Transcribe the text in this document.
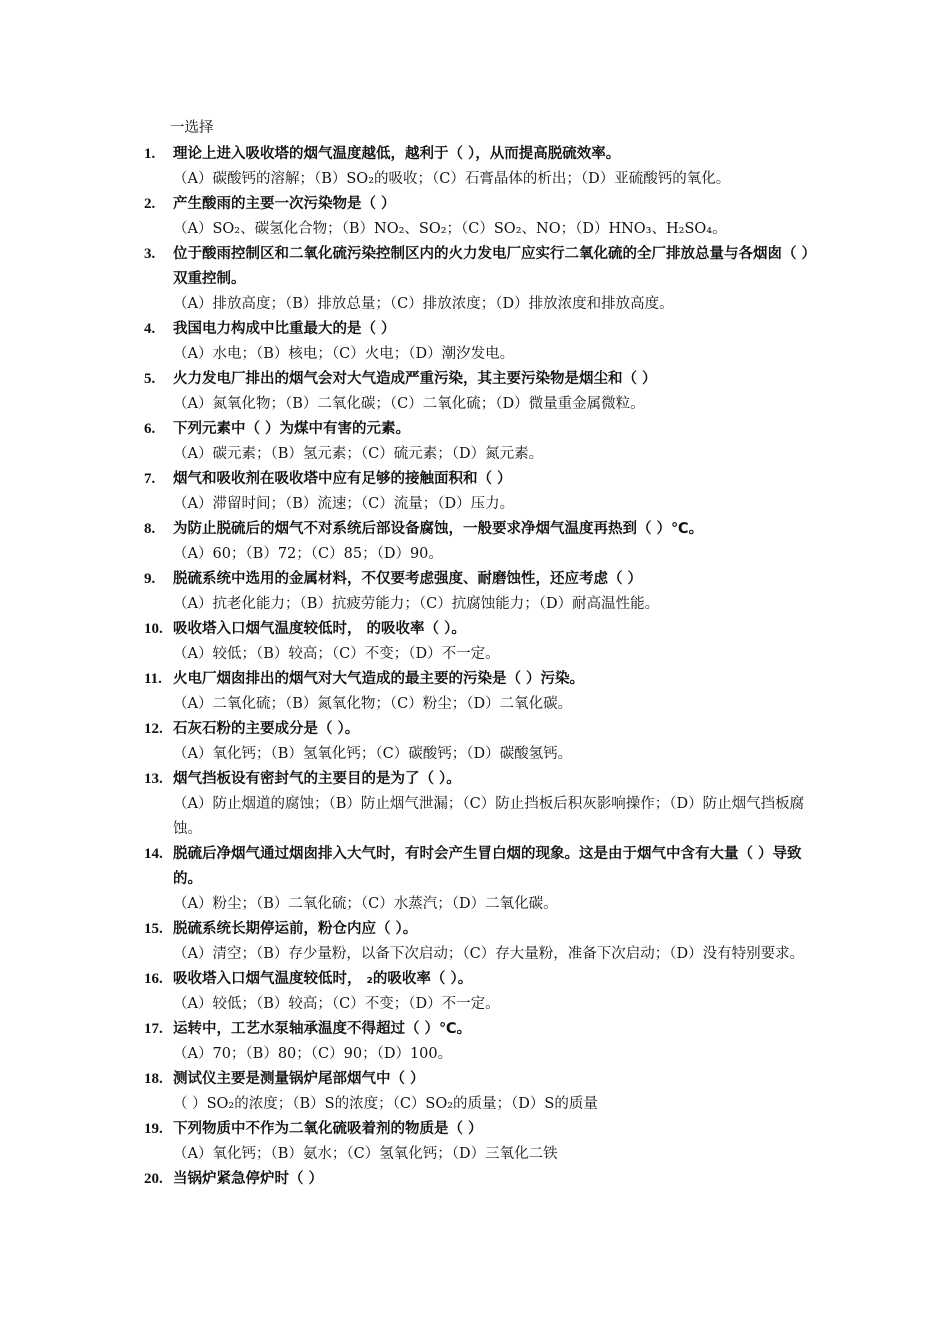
一选择
1. 理论上进入吸收塔的烟气温度越低，越利于（ ），从而提高脱硫效率。
（A）碳酸钙的溶解；（B）SO₂的吸收；（C）石膏晶体的析出；（D）亚硫酸钙的氧化。
2. 产生酸雨的主要一次污染物是（ ）
（A）SO₂、碳氢化合物；（B）NO₂、SO₂；（C）SO₂、NO；（D）HNO₃、H₂SO₄。
3. 位于酸雨控制区和二氧化硫污染控制区内的火力发电厂应实行二氧化硫的全厂排放总量与各烟囱（ ）双重控制。
（A）排放高度；（B）排放总量；（C）排放浓度；（D）排放浓度和排放高度。
4. 我国电力构成中比重最大的是（ ）
（A）水电；（B）核电；（C）火电；（D）潮汐发电。
5. 火力发电厂排出的烟气会对大气造成严重污染，其主要污染物是烟尘和（ ）
（A）氮氧化物；（B）二氧化碳；（C）二氧化硫；（D）微量重金属微粒。
6. 下列元素中（ ）为煤中有害的元素。
（A）碳元素；（B）氢元素；（C）硫元素；（D）氮元素。
7. 烟气和吸收剂在吸收塔中应有足够的接触面积和（ ）
（A）滞留时间；（B）流速；（C）流量；（D）压力。
8. 为防止脱硫后的烟气不对系统后部设备腐蚀，一般要求净烟气温度再热到（ ）℃。
（A）60；（B）72；（C）85；（D）90。
9. 脱硫系统中选用的金属材料，不仅要考虑强度、耐磨蚀性，还应考虑（ ）
（A）抗老化能力；（B）抗疲劳能力；（C）抗腐蚀能力；（D）耐高温性能。
10. 吸收塔入口烟气温度较低时， 的吸收率（ ）。
（A）较低；（B）较高；（C）不变；（D）不一定。
11. 火电厂烟囱排出的烟气对大气造成的最主要的污染是（ ）污染。
（A）二氧化硫；（B）氮氧化物；（C）粉尘；（D）二氧化碳。
12. 石灰石粉的主要成分是（ ）。
（A）氧化钙；（B）氢氧化钙；（C）碳酸钙；（D）碳酸氢钙。
13. 烟气挡板设有密封气的主要目的是为了（ ）。
（A）防止烟道的腐蚀；（B）防止烟气泄漏；（C）防止挡板后积灰影响操作；（D）防止烟气挡板腐蚀。
14. 脱硫后净烟气通过烟囱排入大气时，有时会产生冒白烟的现象。这是由于烟气中含有大量（ ）导致的。
（A）粉尘；（B）二氧化硫；（C）水蒸汽；（D）二氧化碳。
15. 脱硫系统长期停运前，粉仓内应（ ）。
（A）清空；（B）存少量粉，以备下次启动；（C）存大量粉，准备下次启动；（D）没有特别要求。
16. 吸收塔入口烟气温度较低时， ₂的吸收率（ ）。
（A）较低；（B）较高；（C）不变；（D）不一定。
17. 运转中，工艺水泵轴承温度不得超过（ ）℃。
（A）70；（B）80；（C）90；（D）100。
18. 测试仪主要是测量锅炉尾部烟气中（ ）
（ ）SO₂的浓度；（B）S的浓度；（C）SO₂的质量；（D）S的质量
19. 下列物质中不作为二氧化硫吸着剂的物质是（ ）
（A）氧化钙；（B）氨水；（C）氢氧化钙；（D）三氧化二铁
20. 当锅炉紧急停炉时（ ）
